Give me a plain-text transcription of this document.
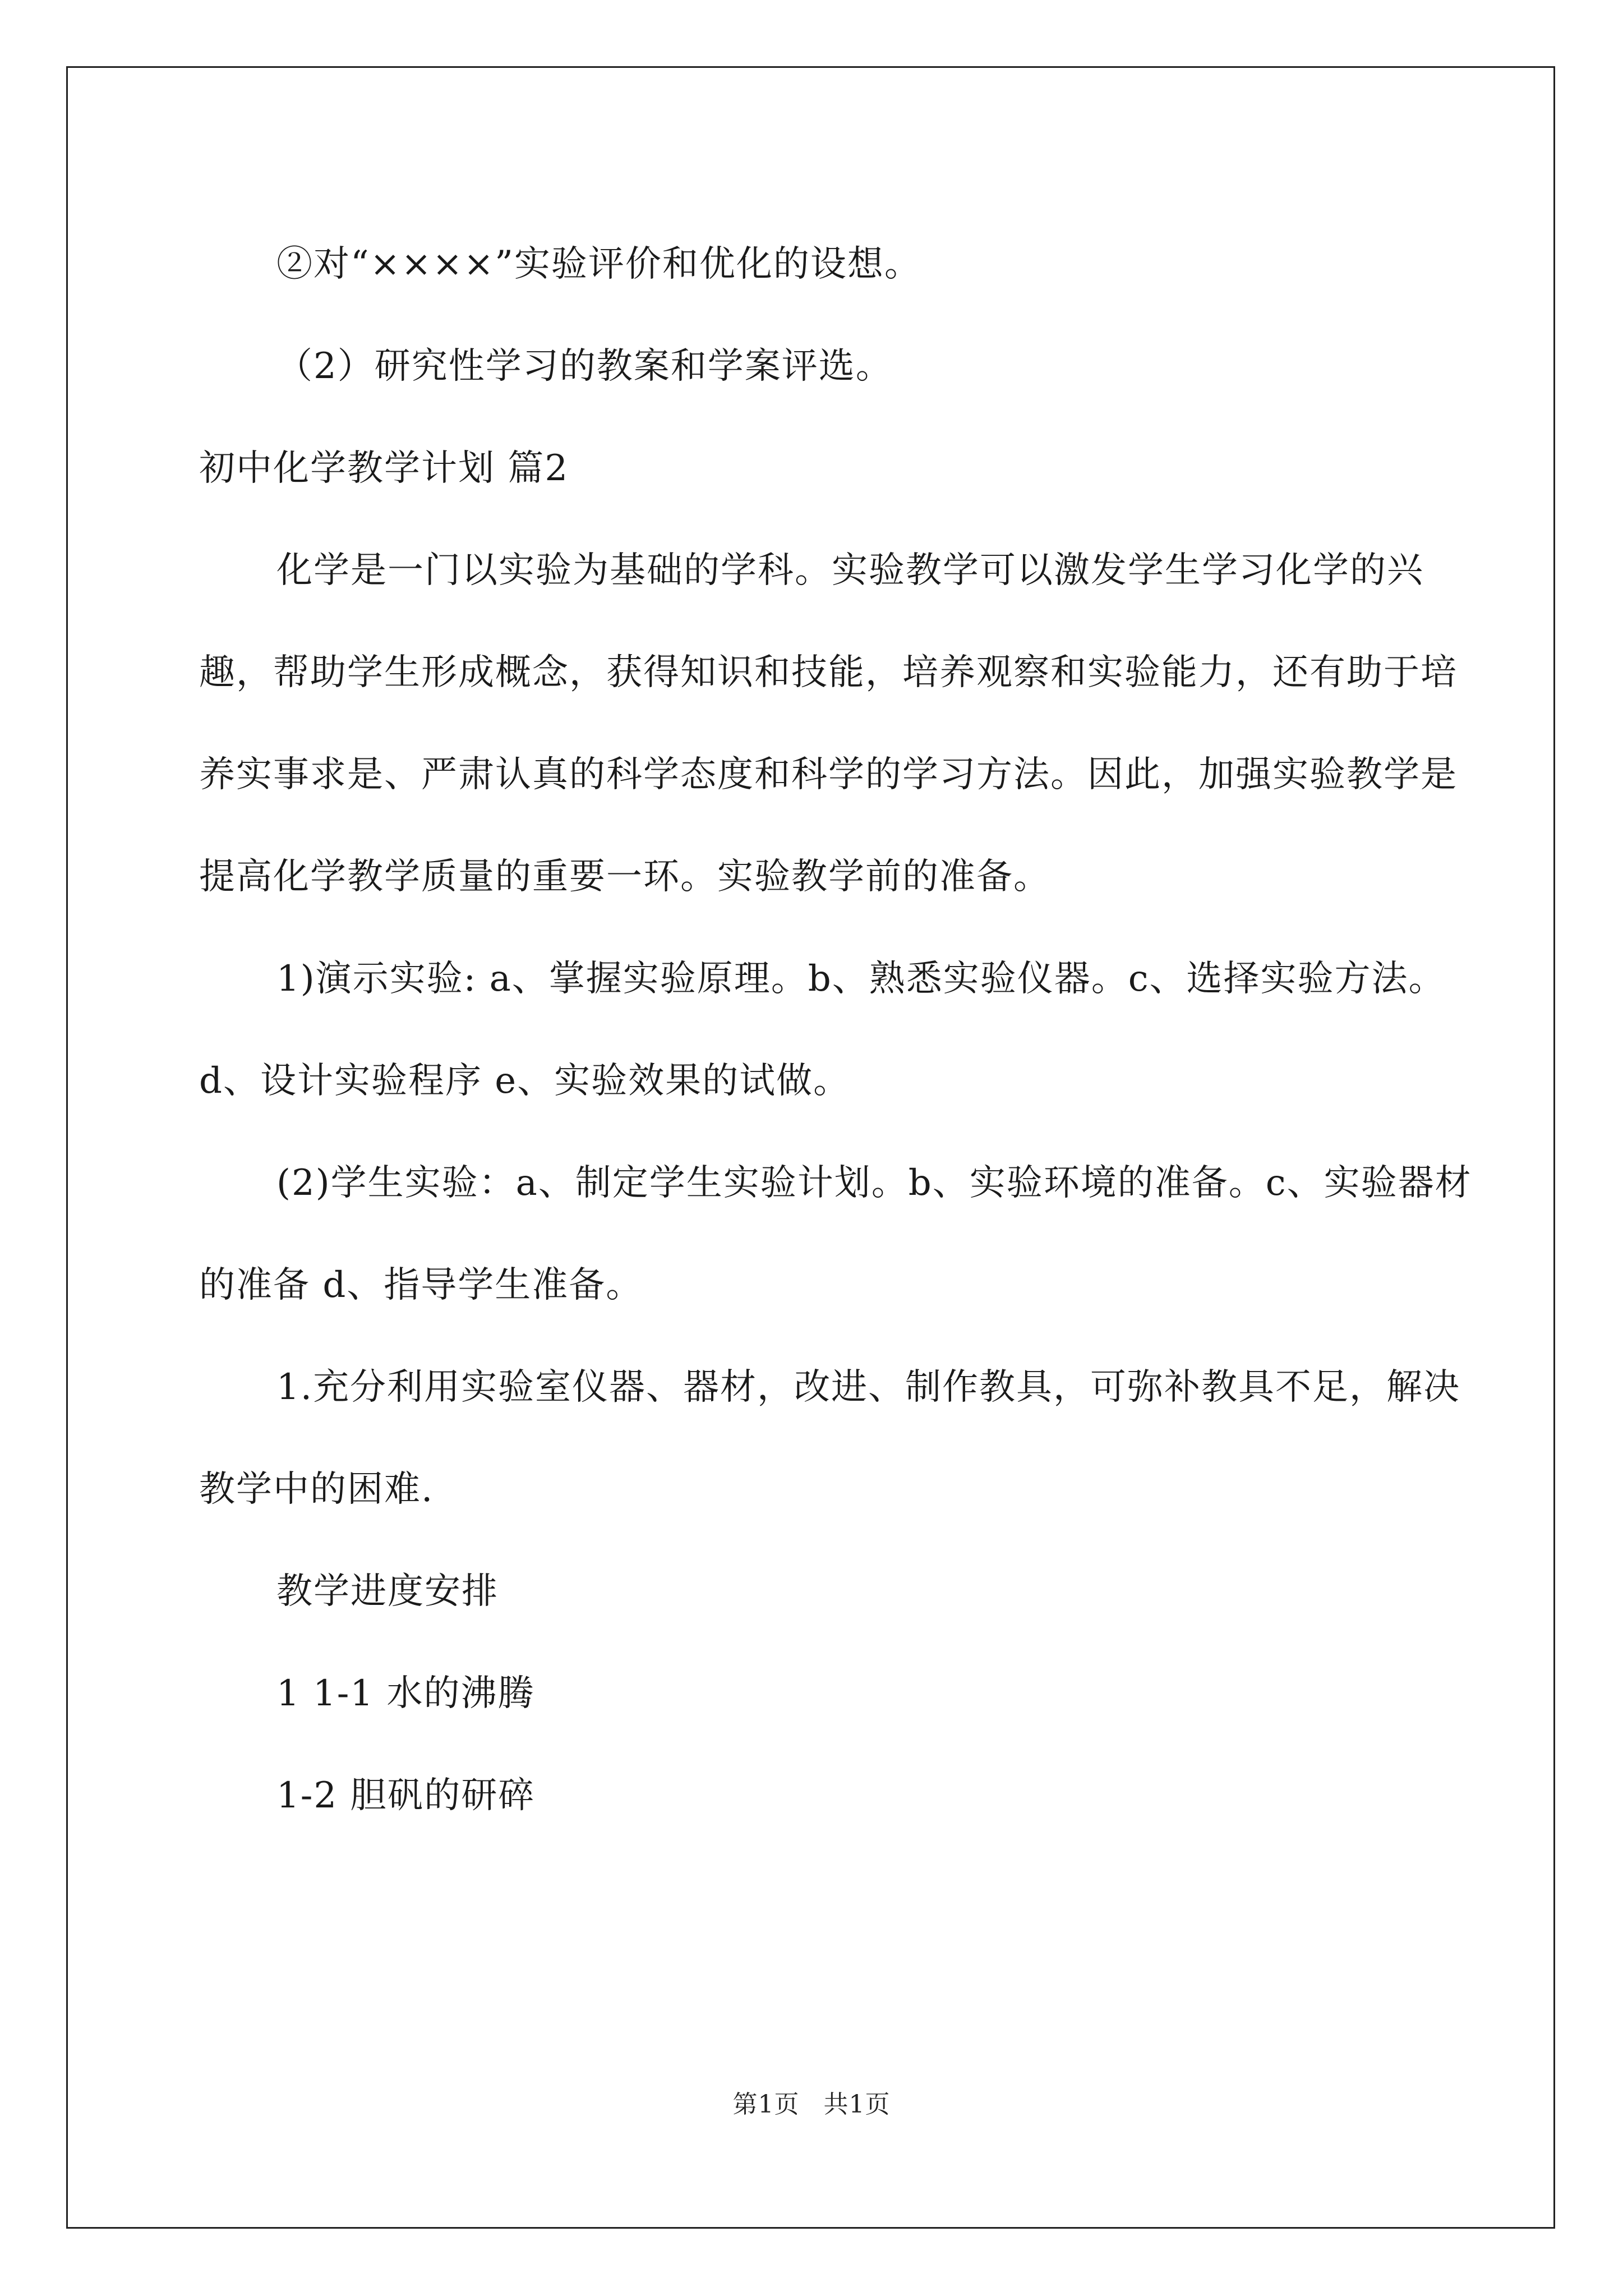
②对“××××”实验评价和优化的设想。

（2）研究性学习的教案和学案评选。

初中化学教学计划 篇2

化学是一门以实验为基础的学科。实验教学可以激发学生学习化学的兴趣，帮助学生形成概念，获得知识和技能，培养观察和实验能力，还有助于培养实事求是、严肃认真的科学态度和科学的学习方法。因此，加强实验教学是提高化学教学质量的重要一环。实验教学前的准备。

1)演示实验: a、掌握实验原理。b、熟悉实验仪器。c、选择实验方法。d、设计实验程序 e、实验效果的试做。

(2)学生实验：a、制定学生实验计划。b、实验环境的准备。c、实验器材的准备 d、指导学生准备。

1.充分利用实验室仪器、器材，改进、制作教具，可弥补教具不足，解决教学中的困难.

教学进度安排

1 1-1 水的沸腾

1-2 胆矾的研碎

第1页 共1页
